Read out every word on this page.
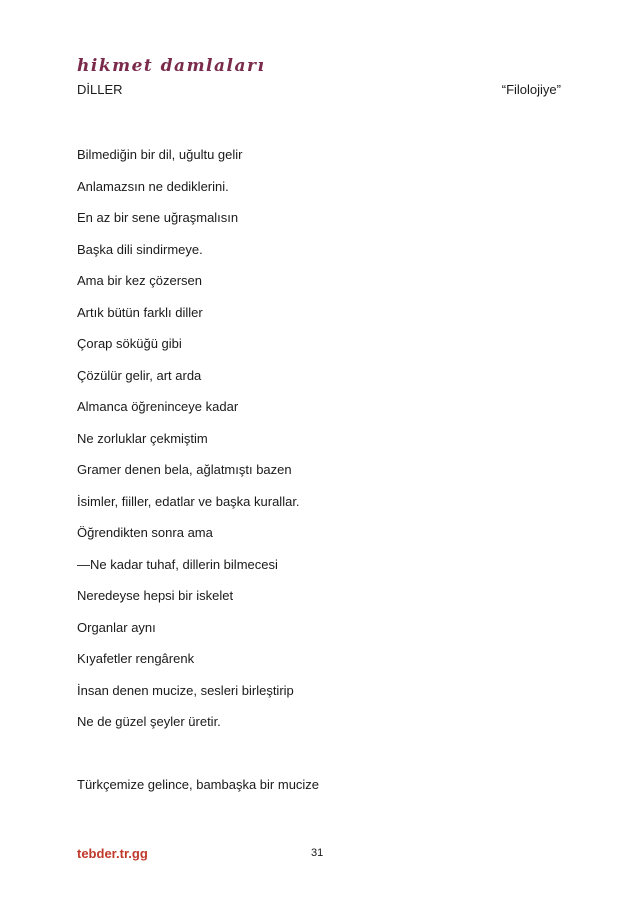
hikmet damlaları
DİLLER	“Filolojiye”
Bilmediğin bir dil, uğultu gelir
Anlamazsın ne dediklerini.
En az bir sene uğraşmalısın
Başka dili sindirmeye.
Ama bir kez çözersen
Artık bütün farklı diller
Çorap söküğü gibi
Çözülür gelir, art arda
Almanca öğreninceye kadar
Ne zorluklar çekmiştim
Gramer denen bela, ağlatmıştı bazen
İsimler, fiiller, edatlar ve başka kurallar.
Öğrendikten sonra ama
—Ne kadar tuhaf, dillerin bilmecesi
Neredeyse hepsi bir iskelet
Organlar aynı
Kıyafetler rengârenk
İnsan denen mucize, sesleri birleştirip
Ne de güzel şeyler üretir.
Türkçemize gelince, bambaşka bir mucize
tebder.tr.gg	31
